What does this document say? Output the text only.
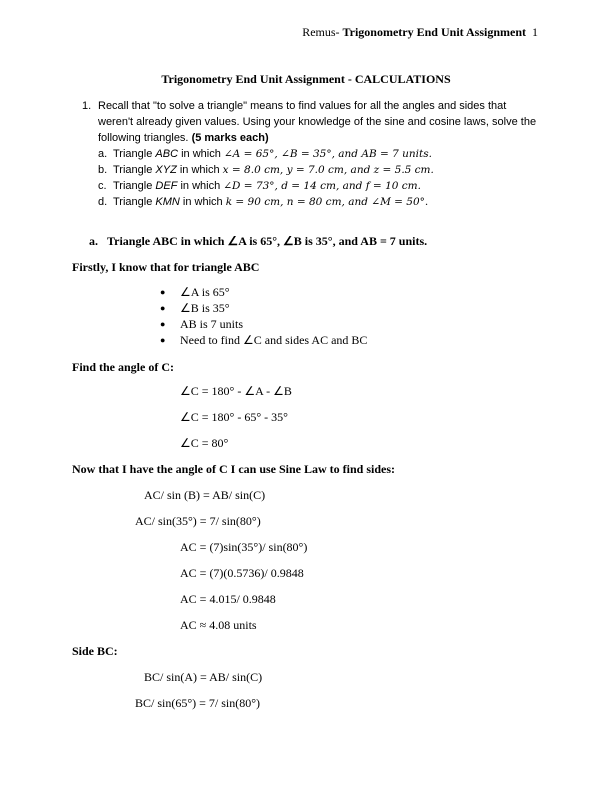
Remus- Trigonometry End Unit Assignment 1
Trigonometry End Unit Assignment - CALCULATIONS
1. Recall that "to solve a triangle" means to find values for all the angles and sides that weren't already given values. Using your knowledge of the sine and cosine laws, solve the following triangles. (5 marks each)
a. Triangle ABC in which ∠A = 65°, ∠B = 35°, and AB = 7 units.
b. Triangle XYZ in which x = 8.0 cm, y = 7.0 cm, and z = 5.5 cm.
c. Triangle DEF in which ∠D = 73°, d = 14 cm, and f = 10 cm.
d. Triangle KMN in which k = 90 cm, n = 80 cm, and ∠M = 50°.
a. Triangle ABC in which ∠A is 65°, ∠B is 35°, and AB = 7 units.
Firstly, I know that for triangle ABC
● ∠A is 65°
● ∠B is 35°
● AB is 7 units
● Need to find ∠C and sides AC and BC
Find the angle of C:
∠C = 180° - ∠A - ∠B
∠C = 180° - 65° - 35°
∠C = 80°
Now that I have the angle of C I can use Sine Law to find sides:
AC/ sin (B) = AB/ sin(C)
AC/ sin(35°) = 7/ sin(80°)
AC = (7)sin(35°)/ sin(80°)
AC = (7)(0.5736)/ 0.9848
AC = 4.015/ 0.9848
AC ≈ 4.08 units
Side BC:
BC/ sin(A) = AB/ sin(C)
BC/ sin(65°) = 7/ sin(80°)
